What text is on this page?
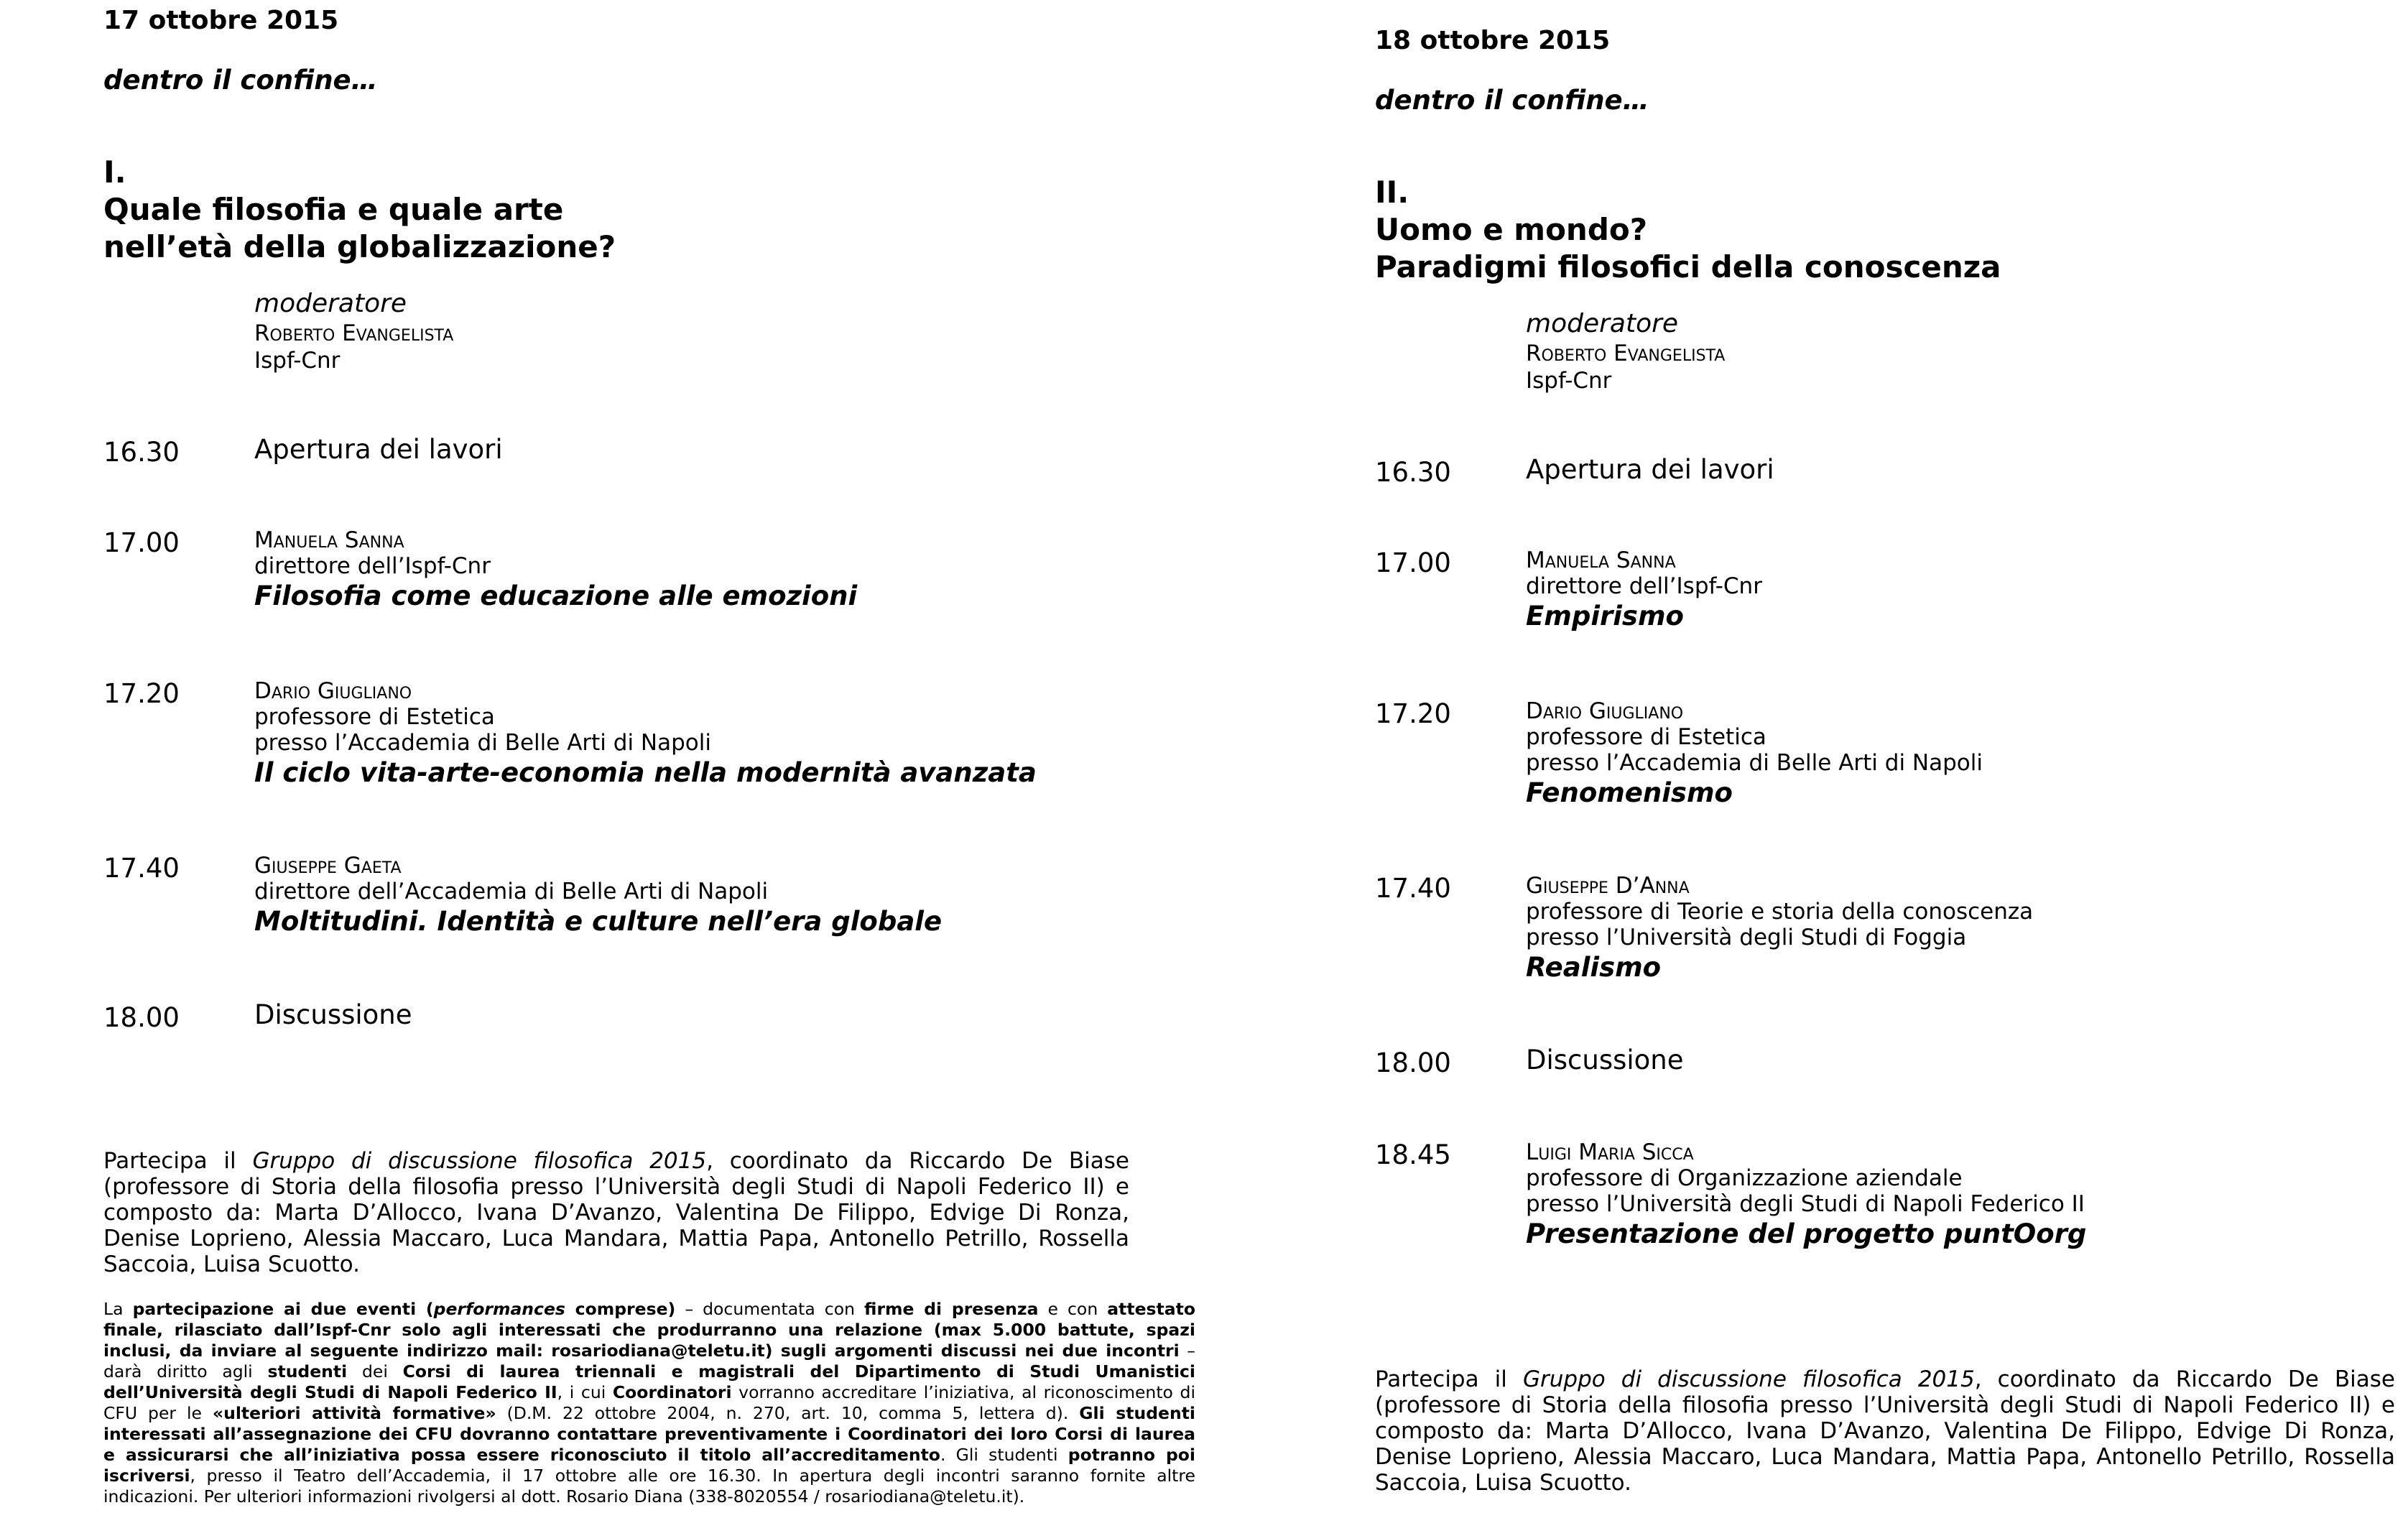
17 ottobre 2015
dentro il confine…
I.
Quale filosofia e quale arte
nell’età della globalizzazione?
moderatore
Roberto Evangelista
Ispf-Cnr
16.30	Apertura dei lavori
17.00	Manuela Sanna
direttore dell’Ispf-Cnr
Filosofia come educazione alle emozioni
17.20	Dario Giugliano
professore di Estetica
presso l’Accademia di Belle Arti di Napoli
Il ciclo vita-arte-economia nella modernità avanzata
17.40	Giuseppe Gaeta
direttore dell’Accademia di Belle Arti di Napoli
Moltitudini. Identità e culture nell’era globale
18.00	Discussione
Partecipa il Gruppo di discussione filosofica 2015, coordinato da Riccardo De Biase (professore di Storia della filosofia presso l’Università degli Studi di Napoli Federico II) e composto da: Marta D’Allocco, Ivana D’Avanzo, Valentina De Filippo, Edvige Di Ronza, Denise Loprieno, Alessia Maccaro, Luca Mandara, Mattia Papa, Antonello Petrillo, Rossella Saccoia, Luisa Scuotto.
La partecipazione ai due eventi (performances comprese) – documentata con firme di presenza e con attestato finale, rilasciato dall’Ispf-Cnr solo agli interessati che produrranno una relazione (max 5.000 battute, spazi inclusi, da inviare al seguente indirizzo mail: rosariodiana@teletu.it) sugli argomenti discussi nei due incontri – darà diritto agli studenti dei Corsi di laurea triennali e magistrali del Dipartimento di Studi Umanistici dell’Università degli Studi di Napoli Federico II, i cui Coordinatori vorranno accreditare l’iniziativa, al riconoscimento di CFU per le «ulteriori attività formative» (D.M. 22 ottobre 2004, n. 270, art. 10, comma 5, lettera d). Gli studenti interessati all’assegnazione dei CFU dovranno contattare preventivamente i Coordinatori dei loro Corsi di laurea e assicurarsi che all’iniziativa possa essere riconosciuto il titolo all’accreditamento. Gli studenti potranno poi iscriversi, presso il Teatro dell’Accademia, il 17 ottobre alle ore 16.30. In apertura degli incontri saranno fornite altre indicazioni. Per ulteriori informazioni rivolgersi al dott. Rosario Diana (338-8020554 / rosariodiana@teletu.it).
18 ottobre 2015
dentro il confine…
II.
Uomo e mondo?
Paradigmi filosofici della conoscenza
moderatore
Roberto Evangelista
Ispf-Cnr
16.30	Apertura dei lavori
17.00	Manuela Sanna
direttore dell’Ispf-Cnr
Empirismo
17.20	Dario Giugliano
professore di Estetica
presso l’Accademia di Belle Arti di Napoli
Fenomenismo
17.40	Giuseppe D’Anna
professore di Teorie e storia della conoscenza
presso l’Università degli Studi di Foggia
Realismo
18.00	Discussione
18.45	Luigi Maria Sicca
professore di Organizzazione aziendale
presso l’Università degli Studi di Napoli Federico II
Presentazione del progetto puntOorg
Partecipa il Gruppo di discussione filosofica 2015, coordinato da Riccardo De Biase (professore di Storia della filosofia presso l’Università degli Studi di Napoli Federico II) e composto da: Marta D’Allocco, Ivana D’Avanzo, Valentina De Filippo, Edvige Di Ronza, Denise Loprieno, Alessia Maccaro, Luca Mandara, Mattia Papa, Antonello Petrillo, Rossella Saccoia, Luisa Scuotto.
